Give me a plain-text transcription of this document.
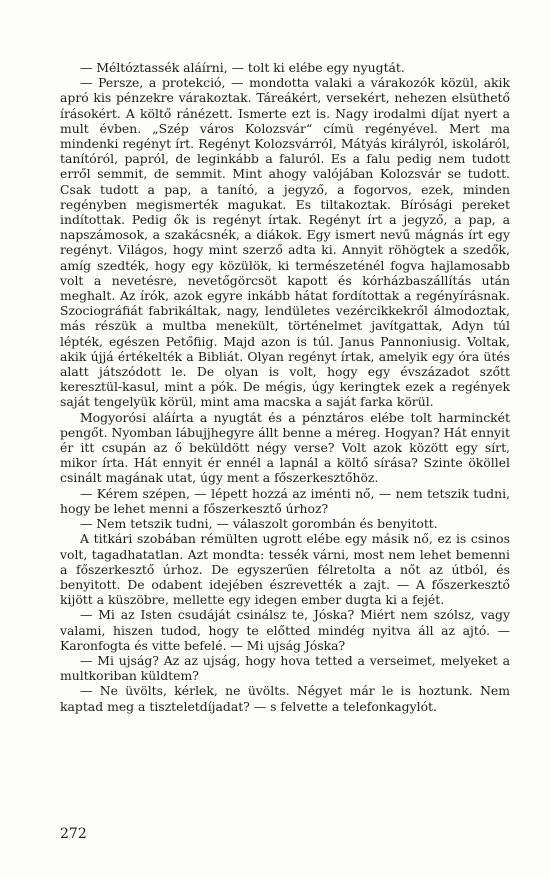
— Méltóztassék aláírni, — tolt ki elébe egy nyugtát.

— Persze, a protekció, — mondotta valaki a várakozók közül, akik apró kis pénzekre várakoztak. Táreákért, versekért, nehezen elsüthető írásokért. A költő ránézett. Ismerte ezt is. Nagy irodalmi díjat nyert a mult évben. „Szép város Kolozsvár“ címü regényével. Mert ma mindenki regényt írt. Regényt Kolozsvárról, Mátyás királyról, iskoláról, tanítóról, papról, de leginkább a faluról. Es a falu pedig nem tudott erről semmit, de semmit. Mint ahogy valójában Kolozsvár se tudott. Csak tudott a pap, a tanító, a jegyző, a fogorvos, ezek, minden regényben megismerték magukat. Es tiltakoztak. Bírósági pereket indítottak. Pedig ők is regényt írtak. Regényt írt a jegyző, a pap, a napszámosok, a szakácsnék, a diákok. Egy ismert nevű mágnás írt egy regényt. Világos, hogy mint szerző adta ki. Annyit röhögtek a szedők, amíg szedték, hogy egy közülök, ki természeténél fogva hajlamosabb volt a nevetésre, nevetőgörcsöt kapott és kórházbaszállítás után meghalt. Az írók, azok egyre inkább hátat fordítottak a regényírásnak. Szociográfiát fabrikáltak, nagy, lendületes vezércikkekről álmodoztak, más részük a multba menekült, történelmet javítgattak, Adyn túl lépték, egészen Petőfiig. Majd azon is túl. Janus Pannoniusig. Voltak, akik újjá értékelték a Bibliát. Olyan regényt írtak, amelyik egy óra ütés alatt játszódott le. De olyan is volt, hogy egy évszázadot szőtt keresztül-kasul, mint a pók. De mégis, úgy keringtek ezek a regények saját tengelyük körül, mint ama macska a saját farka körül.

Mogyorósi aláírta a nyugtát és a pénztáros elébe tolt harminckét pengőt. Nyomban lábujjhegyre állt benne a méreg. Hogyan? Hát ennyit ér itt csupán az ő beküldött négy verse? Volt azok között egy sírt, mikor írta. Hát ennyit ér ennél a lapnál a költő sírása? Szinte ököllel csinált magának utat, úgy ment a főszerkesztőhöz.

— Kérem szépen, — lépett hozzá az iménti nő, — nem tetszik tudni, hogy be lehet menni a főszerkesztő úrhoz?

— Nem tetszik tudni, — válaszolt gorombán és benyitott.

A titkári szobában rémülten ugrott elébe egy másik nő, ez is csinos volt, tagadhatatlan. Azt mondta: tessék várni, most nem lehet bemenni a főszerkesztő úrhoz. De egyszerűen félretolta a nőt az útból, és benyitott. De odabent idejében észrevették a zajt. — A főszerkesztő kijött a küszöbre, mellette egy idegen ember dugta ki a fejét.

— Mi az Isten csudáját csinálsz te, Jóska? Miért nem szólsz, vagy valami, hiszen tudod, hogy te előtted mindég nyitva áll az ajtó. — Karonfogta és vitte befelé. — Mi ujság Jóska?

— Mi ujság? Az az ujság, hogy hova tetted a verseimet, melyeket a multkoriban küldtem?

— Ne üvölts, kérlek, ne üvölts. Négyet már le is hoztunk. Nem kaptad meg a tiszteletdíjadat? — s felvette a telefonkagylót.

272
